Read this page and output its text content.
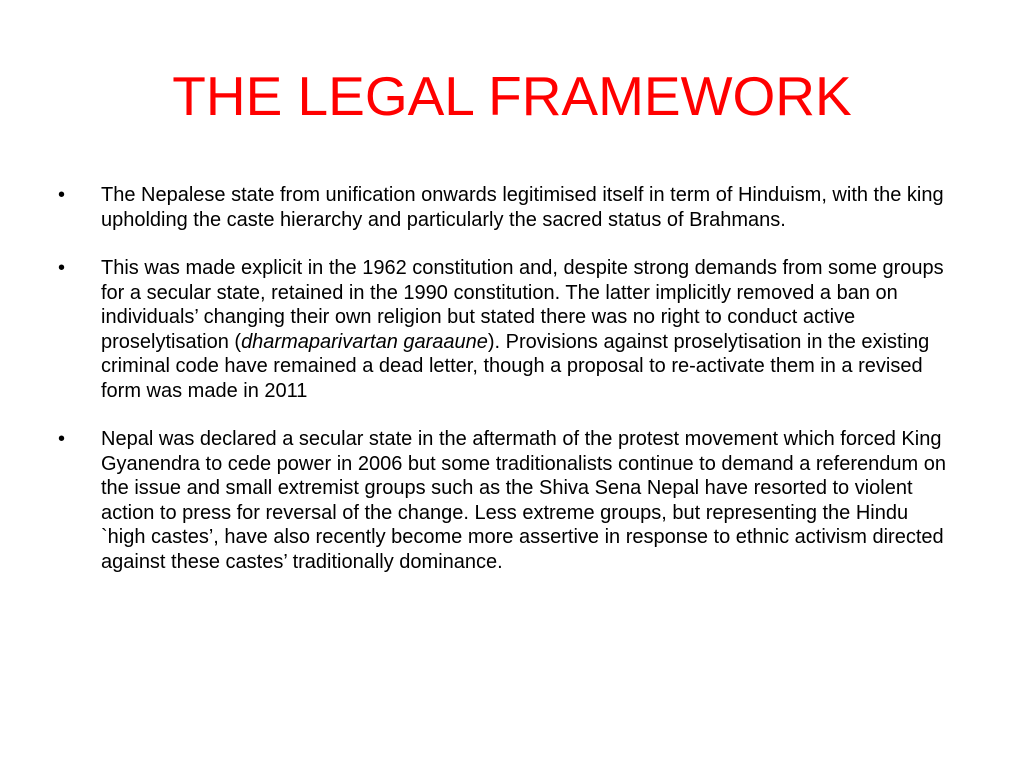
THE LEGAL FRAMEWORK
•	The Nepalese state from unification onwards legitimised itself in term of Hinduism, with the king upholding the caste hierarchy and particularly the sacred status of Brahmans.
•	This was made explicit in the 1962 constitution and, despite strong demands from some groups for a secular state, retained in the 1990 constitution. The latter implicitly removed a ban on individuals’ changing their own religion but stated there was no right to conduct active proselytisation (dharmaparivartan garaaune). Provisions against proselytisation in the existing criminal code have remained a dead letter, though a proposal to re-activate them in a revised form was made in 2011
•	Nepal was declared a secular state in the aftermath of the protest movement which forced King Gyanendra to cede power in 2006 but some traditionalists continue to demand a referendum on the issue and small extremist groups such as the Shiva Sena Nepal have resorted to violent action to press for reversal of the change. Less extreme groups, but representing the Hindu `high castes’, have also recently become more assertive in response to ethnic activism directed against these castes’ traditionally dominance.
